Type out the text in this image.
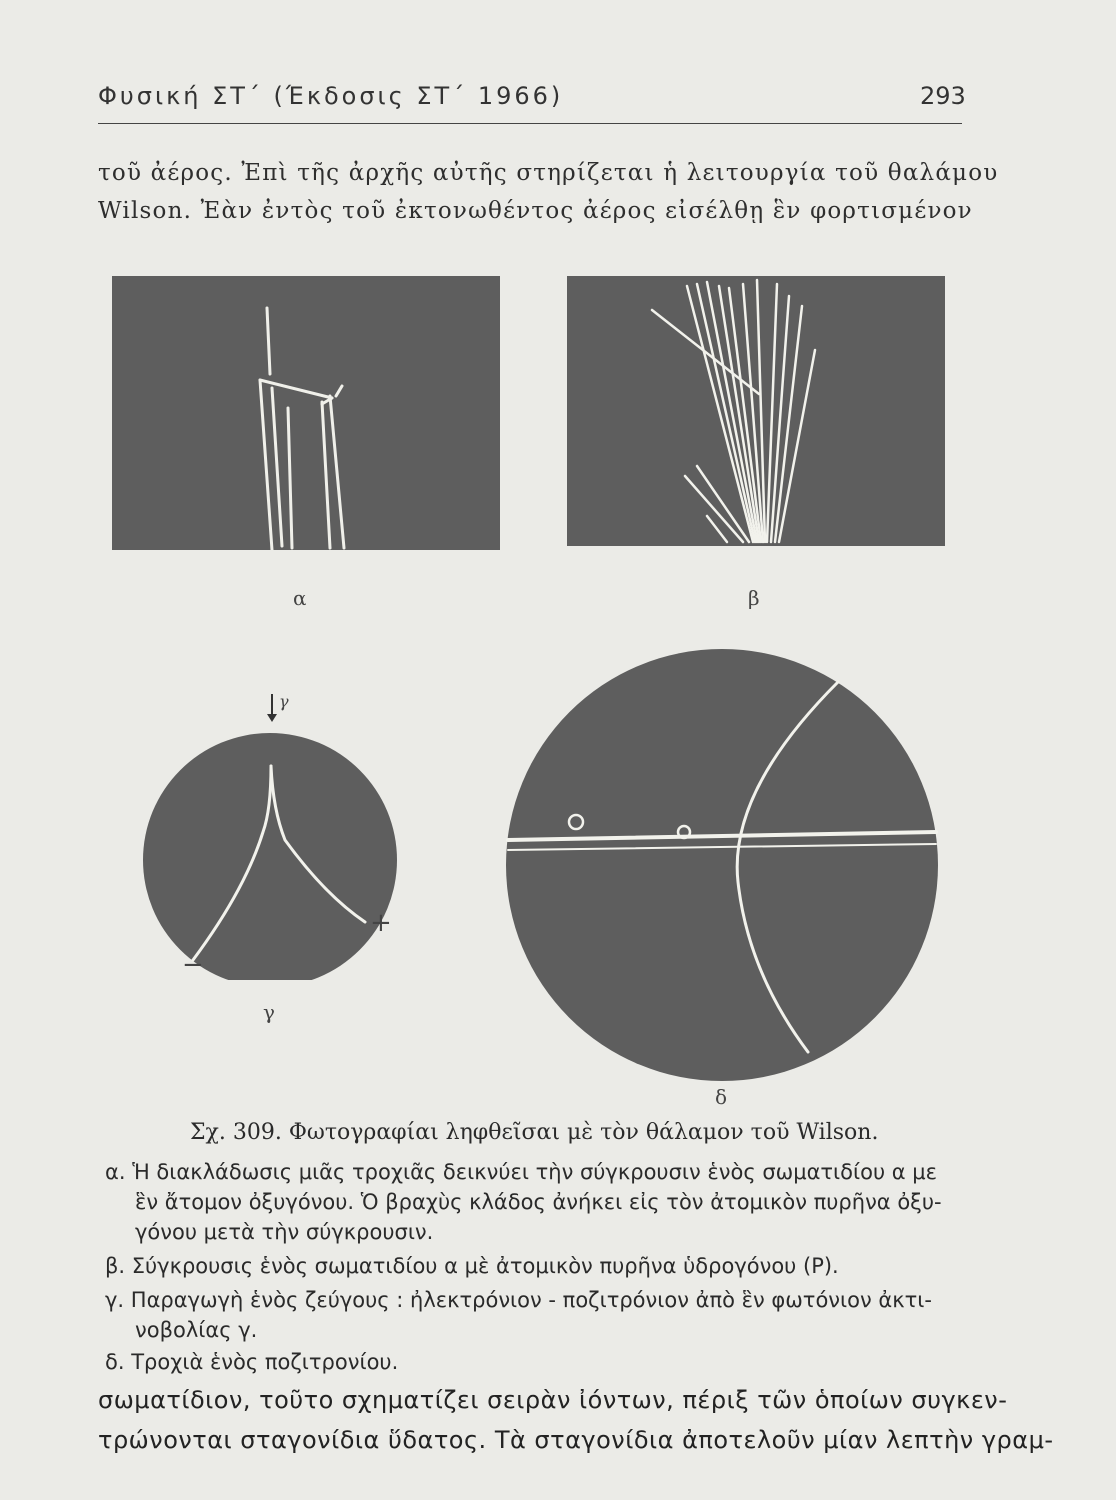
Φυσική ΣΤ΄ (Έκδοσις ΣΤ΄ 1966)	293
τοῦ ἀέρος. Ἐπὶ τῆς ἀρχῆς αὐτῆς στηρίζεται ἡ λειτουργία τοῦ θαλάμου
Wilson. Ἐὰν ἐντὸς τοῦ ἐκτονωθέντος ἀέρος εἰσέλθῃ ἓν φορτισμένον
α	β
γ
+
−
γ
δ
Σχ. 309. Φωτογραφίαι ληφθεῖσαι μὲ τὸν θάλαμον τοῦ Wilson.
α. Ἡ διακλάδωσις μιᾶς τροχιᾶς δεικνύει τὴν σύγκρουσιν ἑνὸς σωματιδίου α με
ἓν ἄτομον ὀξυγόνου. Ὁ βραχὺς κλάδος ἀνήκει εἰς τὸν ἀτομικὸν πυρῆνα ὀξυ-
γόνου μετὰ τὴν σύγκρουσιν.
β. Σύγκρουσις ἑνὸς σωματιδίου α μὲ ἀτομικὸν πυρῆνα ὑδρογόνου (P).
γ. Παραγωγὴ ἑνὸς ζεύγους : ἠλεκτρόνιον - ποζιτρόνιον ἀπὸ ἓν φωτόνιον ἀκτι-
νοβολίας γ.
δ. Τροχιὰ ἑνὸς ποζιτρονίου.
σωματίδιον, τοῦτο σχηματίζει σειρὰν ἰόντων, πέριξ τῶν ὁποίων συγκεν-
τρώνονται σταγονίδια ὕδατος. Τὰ σταγονίδια ἀποτελοῦν μίαν λεπτὴν γραμ-
